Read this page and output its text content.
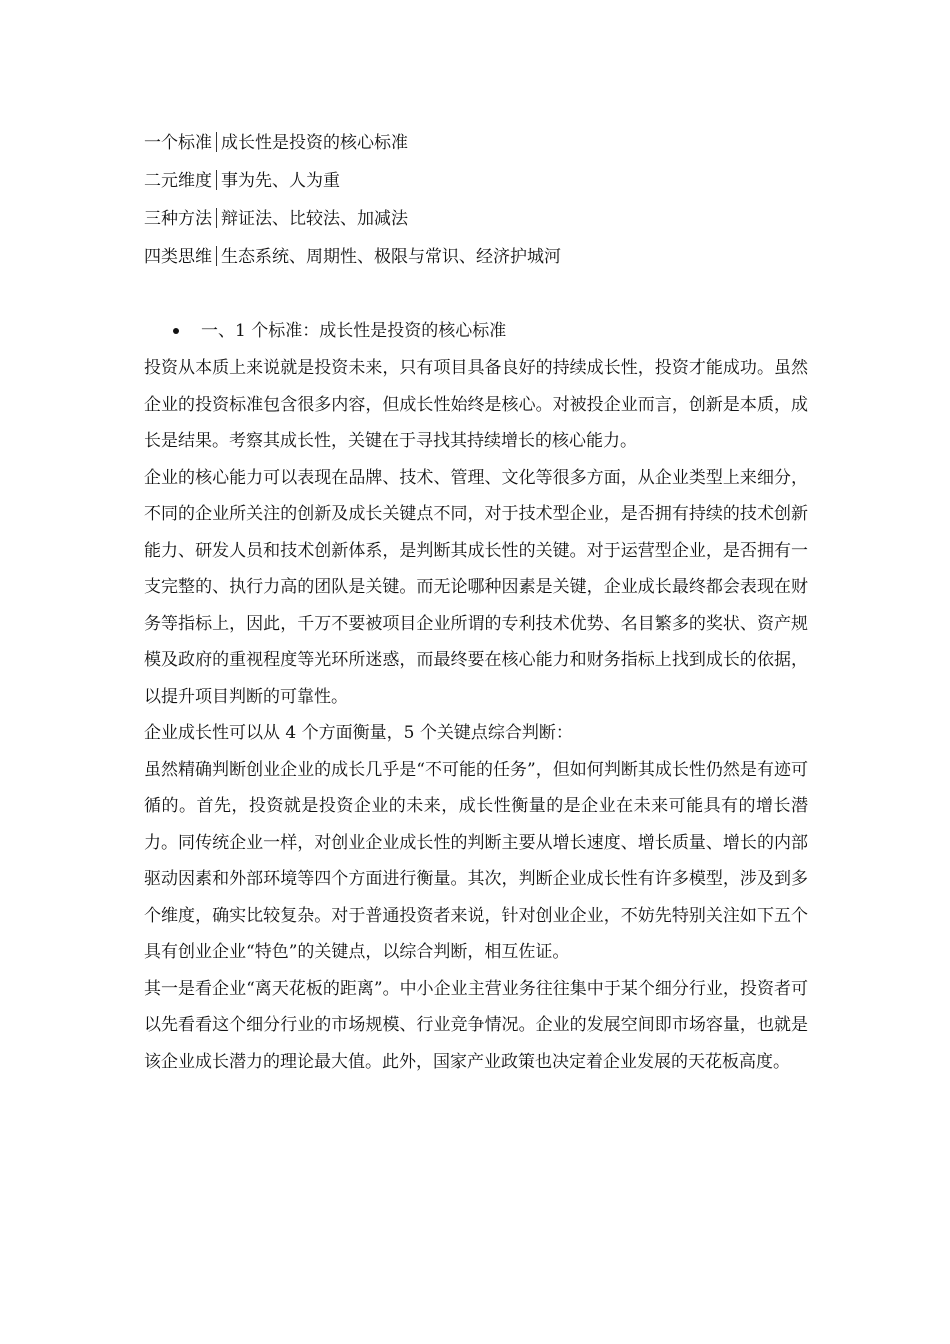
一个标准 成长性是投资的核心标准
二元维度 事为先、人为重
三种方法 辩证法、比较法、加减法
四类思维 生态系统、周期性、极限与常识、经济护城河
一、1 个标准：成长性是投资的核心标准

投资从本质上来说就是投资未来，只有项目具备良好的持续成长性，投资才能成功。虽然企业的投资标准包含很多内容，但成长性始终是核心。对被投企业而言，创新是本质，成长是结果。考察其成长性，关键在于寻找其持续增长的核心能力。

企业的核心能力可以表现在品牌、技术、管理、文化等很多方面，从企业类型上来细分，不同的企业所关注的创新及成长关键点不同，对于技术型企业，是否拥有持续的技术创新能力、研发人员和技术创新体系，是判断其成长性的关键。对于运营型企业，是否拥有一支完整的、执行力高的团队是关键。而无论哪种因素是关键，企业成长最终都会表现在财务等指标上，因此，千万不要被项目企业所谓的专利技术优势、名目繁多的奖状、资产规模及政府的重视程度等光环所迷惑，而最终要在核心能力和财务指标上找到成长的依据，以提升项目判断的可靠性。

企业成长性可以从 4 个方面衡量，5 个关键点综合判断：

虽然精确判断创业企业的成长几乎是“不可能的任务”，但如何判断其成长性仍然是有迹可循的。首先，投资就是投资企业的未来，成长性衡量的是企业在未来可能具有的增长潜力。同传统企业一样，对创业企业成长性的判断主要从增长速度、增长质量、增长的内部驱动因素和外部环境等四个方面进行衡量。其次，判断企业成长性有许多模型，涉及到多个维度，确实比较复杂。对于普通投资者来说，针对创业企业，不妨先特别关注如下五个具有创业企业“特色”的关键点，以综合判断，相互佐证。

其一是看企业“离天花板的距离”。中小企业主营业务往往集中于某个细分行业，投资者可以先看看这个细分行业的市场规模、行业竞争情况。企业的发展空间即市场容量，也就是该企业成长潜力的理论最大值。此外，国家产业政策也决定着企业发展的天花板高度。
